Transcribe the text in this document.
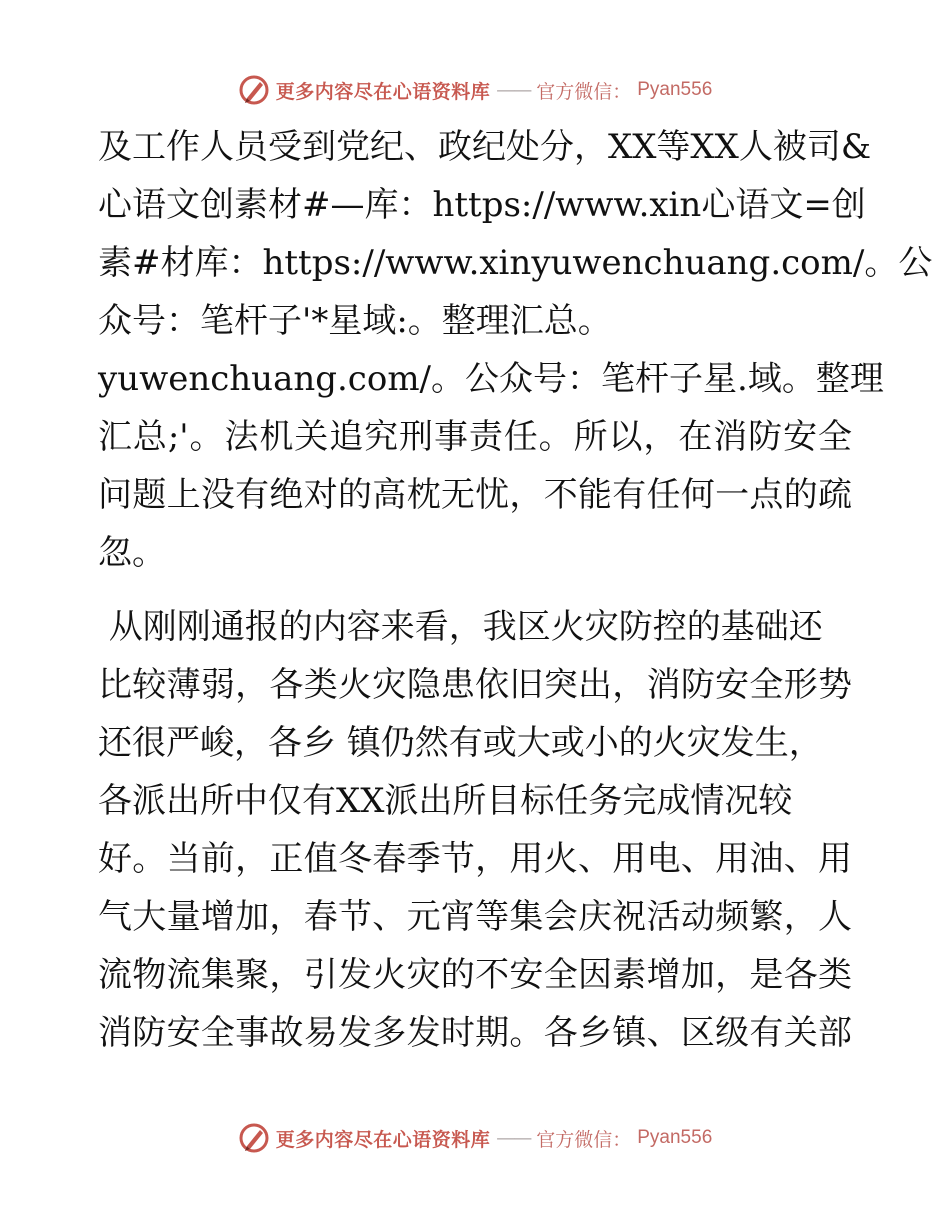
更多内容尽在心语资料库 —— 官方微信： Pyan556
及工作人员受到党纪、政纪处分，XX等XX人被司&
心语文创素材#—库：https://www.xin心语文=创
素#材库：https://www.xinyuwenchuang.com/。公
众号：笔杆子'*星域:。整理汇总。
yuwenchuang.com/。公众号：笔杆子星.域。整理
汇总;'。法机关追究刑事责任。所以，在消防安全
问题上没有绝对的高枕无忧，不能有任何一点的疏
忽。
从刚刚通报的内容来看，我区火灾防控的基础还
比较薄弱，各类火灾隐患依旧突出，消防安全形势
还很严峻，各乡 镇仍然有或大或小的火灾发生，
各派出所中仅有XX派出所目标任务完成情况较
好。当前，正值冬春季节，用火、用电、用油、用
气大量增加，春节、元宵等集会庆祝活动频繁，人
流物流集聚，引发火灾的不安全因素增加，是各类
消防安全事故易发多发时期。各乡镇、区级有关部
更多内容尽在心语资料库 —— 官方微信： Pyan556
